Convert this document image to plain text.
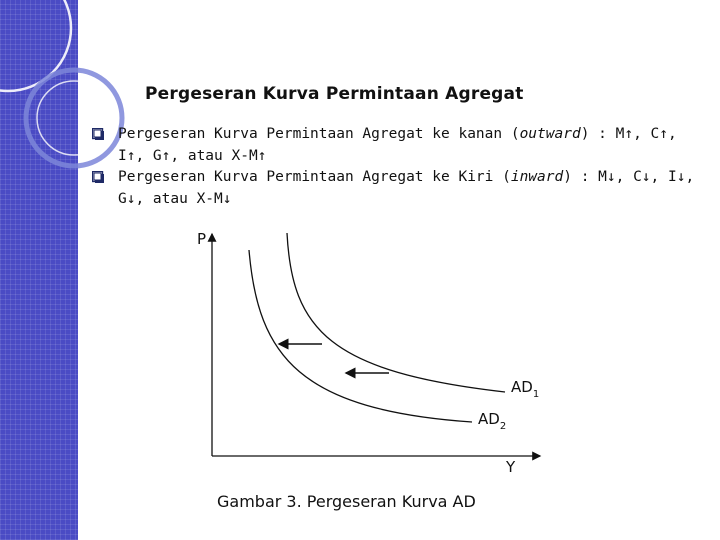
Pergeseran Kurva Permintaan Agregat
Pergeseran Kurva Permintaan Agregat ke kanan (outward) : M↑, C↑, I↑, G↑, atau X-M↑
Pergeseran Kurva Permintaan Agregat ke Kiri (inward) : M↓, C↓, I↓, G↓, atau X-M↓
P
Y
$AD_1$
$AD_2$
Gambar 3. Pergeseran Kurva AD
